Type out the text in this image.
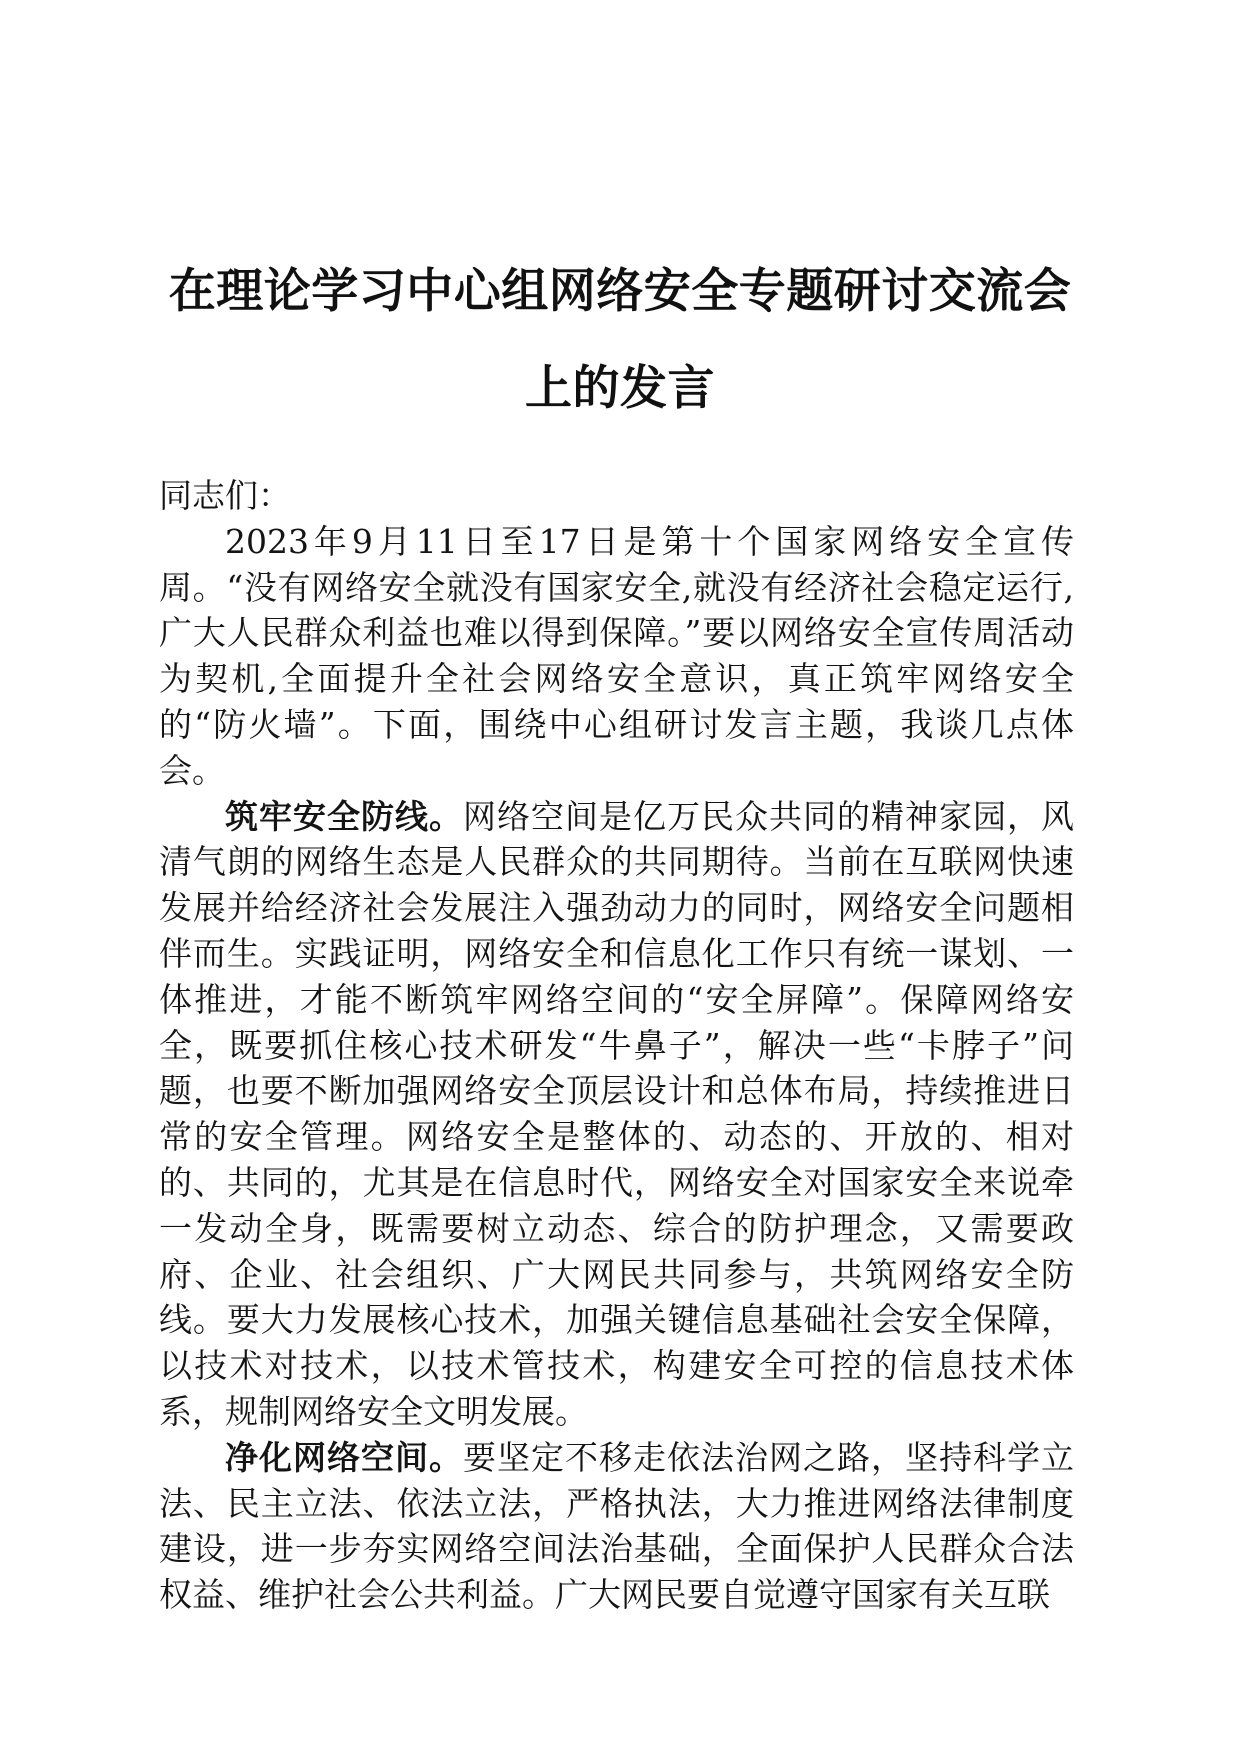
在理论学习中心组网络安全专题研讨交流会上的发言

同志们：

2023年9月11日至17日是第十个国家网络安全宣传周。“没有网络安全就没有国家安全,就没有经济社会稳定运行,广大人民群众利益也难以得到保障。”要以网络安全宣传周活动为契机,全面提升全社会网络安全意识，真正筑牢网络安全的“防火墙”。下面，围绕中心组研讨发言主题，我谈几点体会。

筑牢安全防线。网络空间是亿万民众共同的精神家园，风清气朗的网络生态是人民群众的共同期待。当前在互联网快速发展并给经济社会发展注入强劲动力的同时，网络安全问题相伴而生。实践证明，网络安全和信息化工作只有统一谋划、一体推进，才能不断筑牢网络空间的“安全屏障”。保障网络安全，既要抓住核心技术研发“牛鼻子”，解决一些“卡脖子”问题，也要不断加强网络安全顶层设计和总体布局，持续推进日常的安全管理。网络安全是整体的、动态的、开放的、相对的、共同的，尤其是在信息时代，网络安全对国家安全来说牵一发动全身，既需要树立动态、综合的防护理念，又需要政府、企业、社会组织、广大网民共同参与，共筑网络安全防线。要大力发展核心技术，加强关键信息基础社会安全保障，以技术对技术，以技术管技术，构建安全可控的信息技术体系，规制网络安全文明发展。

净化网络空间。要坚定不移走依法治网之路，坚持科学立法、民主立法、依法立法，严格执法，大力推进网络法律制度建设，进一步夯实网络空间法治基础，全面保护人民群众合法权益、维护社会公共利益。广大网民要自觉遵守国家有关互联
